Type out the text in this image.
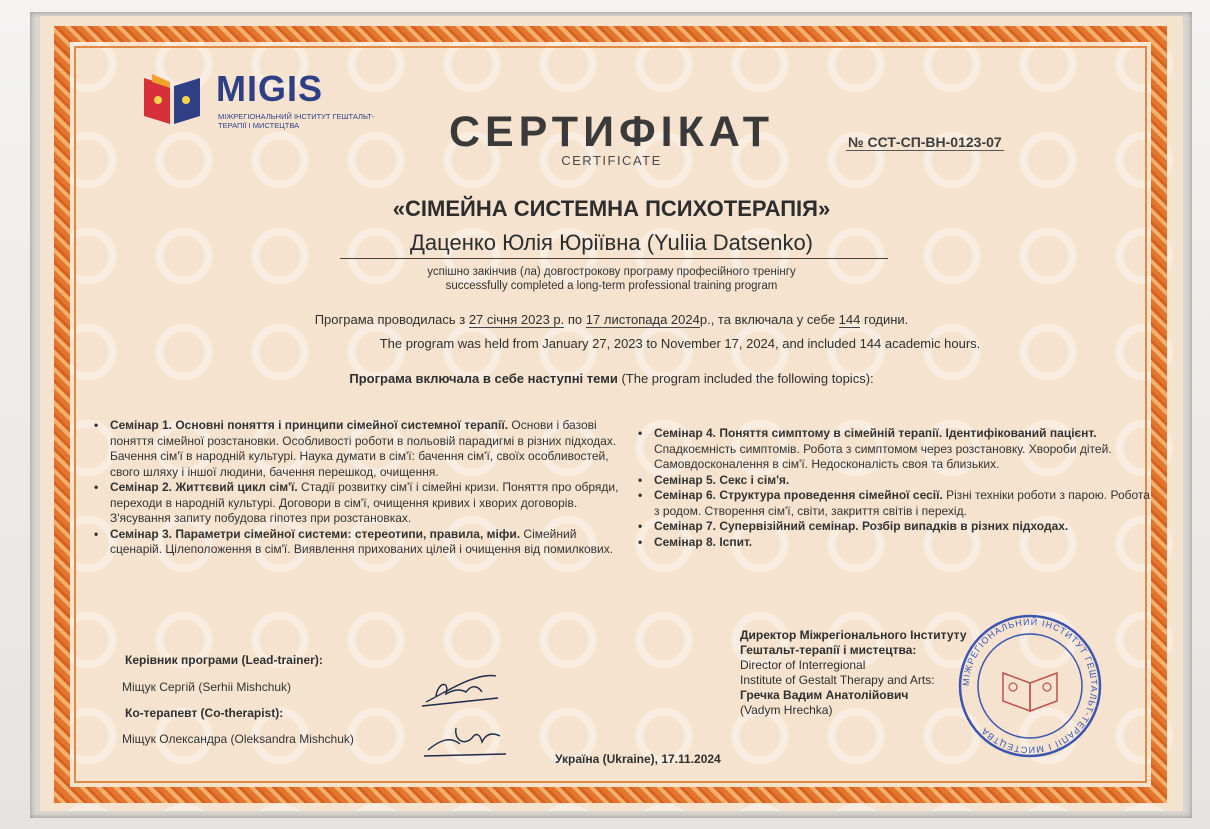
MIGIS
МІЖРЕГІОНАЛЬНИЙ ІНСТИТУТ ГЕШТАЛЬТ-ТЕРАПІЇ І МИСТЕЦТВА	СЕРТИФІКАТ
CERTIFICATE
№ ССТ-СП-ВН-0123-07
«СІМЕЙНА СИСТЕМНА ПСИХОТЕРАПІЯ»
Даценко Юлія Юріївна (Yuliia Datsenko)
успішно закінчив (ла) довгострокову програму професійного тренінгу
successfully completed a long-term professional training program
Програма проводилась з 27 січня 2023 р. по 17 листопада 2024р., та включала у себе 144 години.
The program was held from January 27, 2023 to November 17, 2024, and included 144 academic hours.
Програма включала в себе наступні теми (The program included the following topics):
• Семінар 1. Основні поняття і принципи сімейної системної терапії. Основи і базові поняття сімейної розстановки. Особливості роботи в польовій парадигмі в різних підходах. Бачення сім'ї в народній культурі. Наука думати в сім'ї: бачення сім'ї, своїх особливостей, свого шляху і іншої людини, бачення перешкод, очищення.
• Семінар 2. Життєвий цикл сім'ї. Стадії розвитку сім'ї і сімейні кризи. Поняття про обряди, переходи в народній культурі. Договори в сім'ї, очищення кривих і хворих договорів. З'ясування запиту побудова гіпотез при розстановках.
• Семінар 3. Параметри сімейної системи: стереотипи, правила, міфи. Сімейний сценарій. Цілеположення в сім'ї. Виявлення прихованих цілей і очищення від помилкових.
• Семінар 4. Поняття симптому в сімейній терапії. Ідентифікований пацієнт. Спадкоємність симптомів. Робота з симптомом через розстановку. Хвороби дітей. Самовдосконалення в сім'ї. Недосконалість своя та близьких.
• Семінар 5. Секс і сім'я.
• Семінар 6. Структура проведення сімейної сесії. Різні техніки роботи з парою. Робота з родом. Створення сім'ї, світи, закриття світів і перехід.
• Семінар 7. Супервізійний семінар. Розбір випадків в різних підходах.
• Семінар 8. Іспит.
Керівник програми (Lead-trainer):
Міщук Сергій (Serhii Mishchuk)
Ко-терапевт (Co-therapist):
Міщук Олександра (Oleksandra Mishchuk)
Директор Міжрегіонального Інституту
Гештальт-терапії і мистецтва:
Director of Interregional
Institute of Gestalt Therapy and Arts:
Гречка Вадим Анатолійович
(Vadym Hrechka)
МІЖРЕГІОНАЛЬНИЙ ІНСТИТУТ ГЕШТАЛЬТ-ТЕРАПІЇ І МИСТЕЦТВА
Україна (Ukraine), 17.11.2024
